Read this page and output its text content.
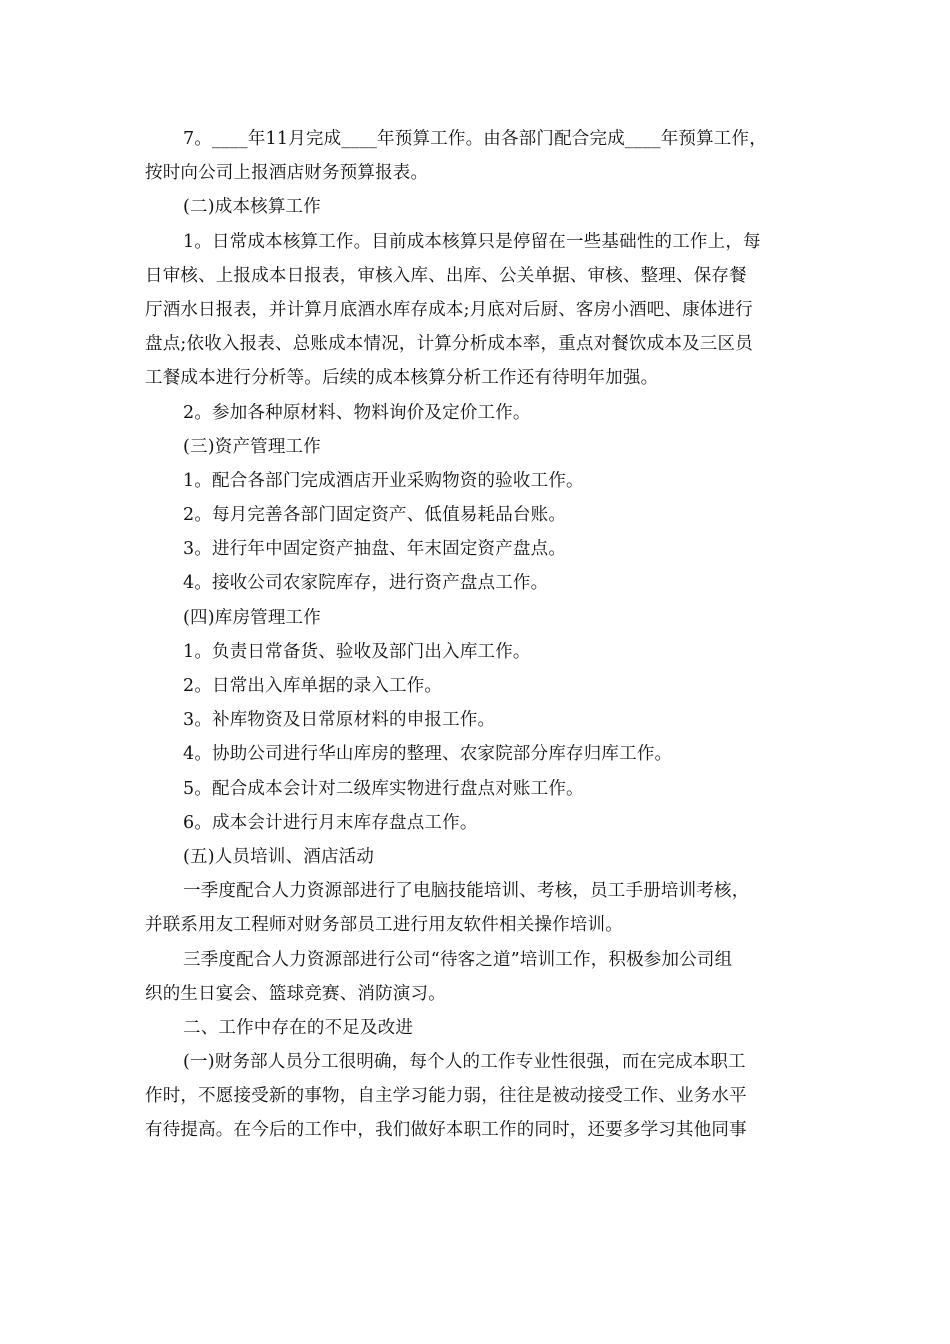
7。____年11月完成____年预算工作。由各部门配合完成____年预算工作，
按时向公司上报酒店财务预算报表。
(二)成本核算工作
1。日常成本核算工作。目前成本核算只是停留在一些基础性的工作上，每
日审核、上报成本日报表，审核入库、出库、公关单据、审核、整理、保存餐
厅酒水日报表，并计算月底酒水库存成本;月底对后厨、客房小酒吧、康体进行
盘点;依收入报表、总账成本情况，计算分析成本率，重点对餐饮成本及三区员
工餐成本进行分析等。后续的成本核算分析工作还有待明年加强。
2。参加各种原材料、物料询价及定价工作。
(三)资产管理工作
1。配合各部门完成酒店开业采购物资的验收工作。
2。每月完善各部门固定资产、低值易耗品台账。
3。进行年中固定资产抽盘、年末固定资产盘点。
4。接收公司农家院库存，进行资产盘点工作。
(四)库房管理工作
1。负责日常备货、验收及部门出入库工作。
2。日常出入库单据的录入工作。
3。补库物资及日常原材料的申报工作。
4。协助公司进行华山库房的整理、农家院部分库存归库工作。
5。配合成本会计对二级库实物进行盘点对账工作。
6。成本会计进行月末库存盘点工作。
(五)人员培训、酒店活动
一季度配合人力资源部进行了电脑技能培训、考核，员工手册培训考核，
并联系用友工程师对财务部员工进行用友软件相关操作培训。
三季度配合人力资源部进行公司“待客之道”培训工作，积极参加公司组
织的生日宴会、篮球竞赛、消防演习。
二、工作中存在的不足及改进
(一)财务部人员分工很明确，每个人的工作专业性很强，而在完成本职工
作时，不愿接受新的事物，自主学习能力弱，往往是被动接受工作、业务水平
有待提高。在今后的工作中，我们做好本职工作的同时，还要多学习其他同事
